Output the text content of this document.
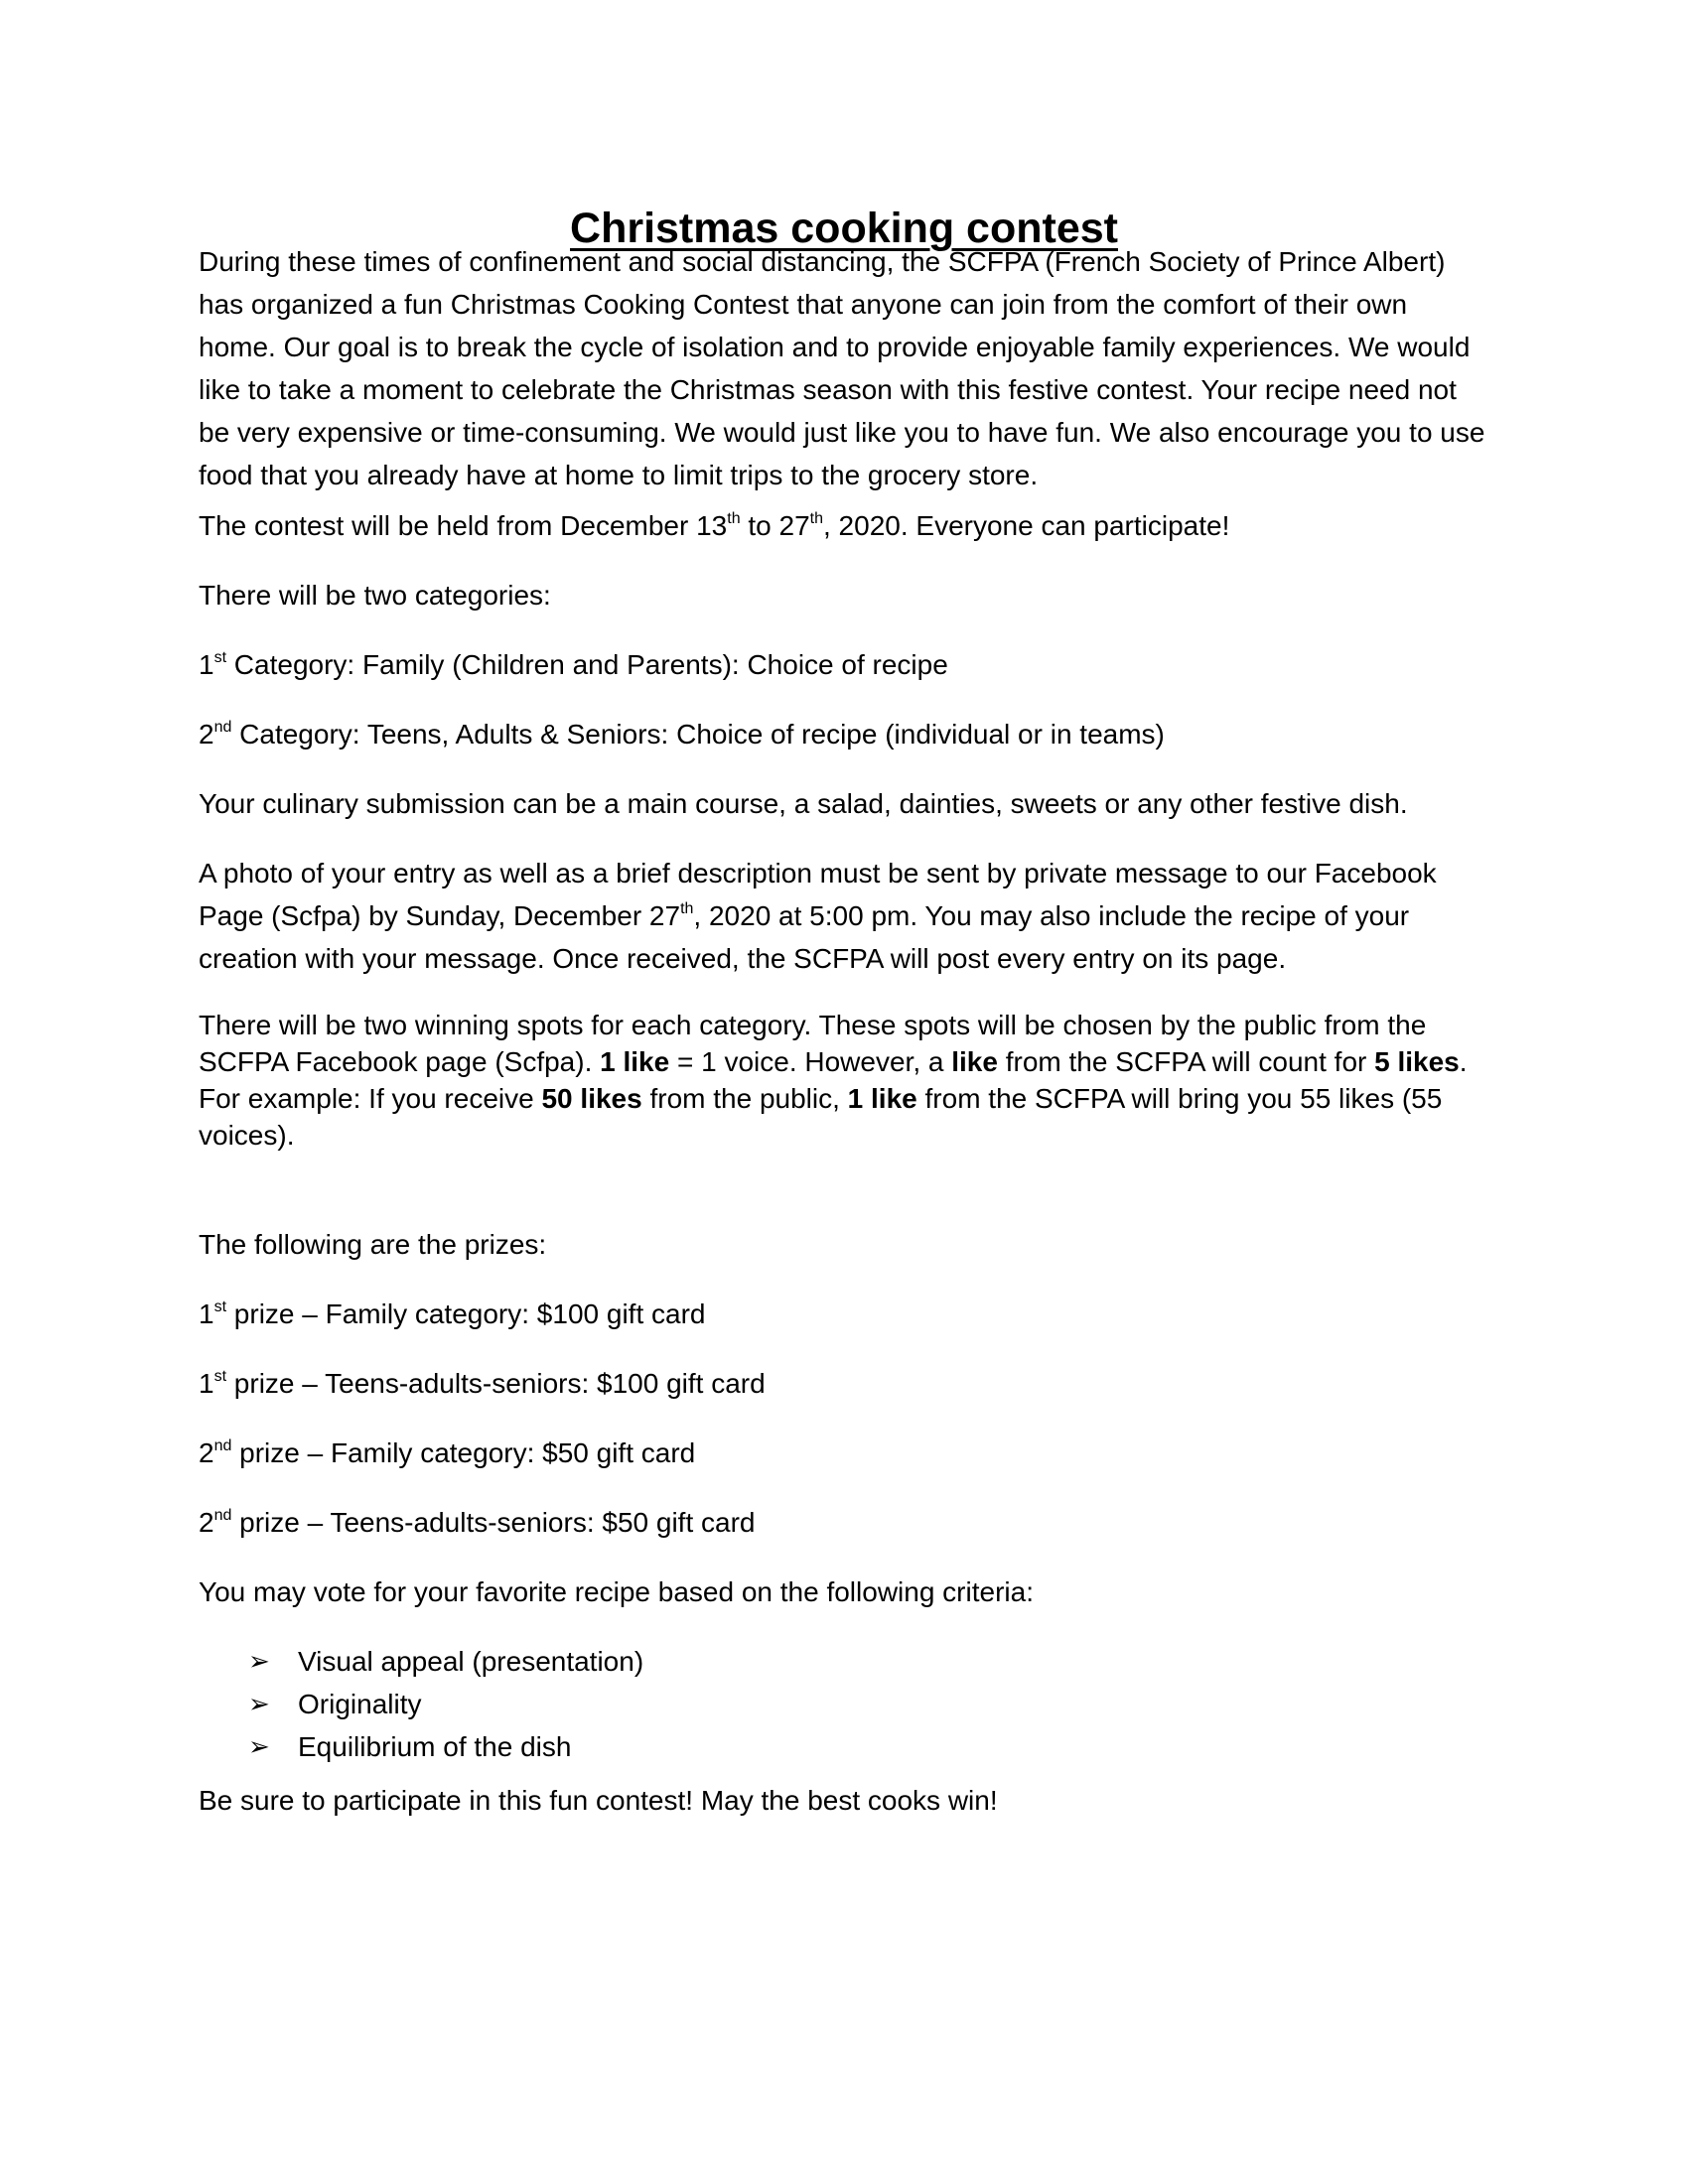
Christmas cooking contest

During these times of confinement and social distancing, the SCFPA (French Society of Prince Albert) has organized a fun Christmas Cooking Contest that anyone can join from the comfort of their own home. Our goal is to break the cycle of isolation and to provide enjoyable family experiences. We would like to take a moment to celebrate the Christmas season with this festive contest. Your recipe need not be very expensive or time-consuming. We would just like you to have fun. We also encourage you to use food that you already have at home to limit trips to the grocery store.

The contest will be held from December 13th to 27th, 2020. Everyone can participate!

There will be two categories:

1st Category: Family (Children and Parents): Choice of recipe

2nd Category: Teens, Adults & Seniors: Choice of recipe (individual or in teams)

Your culinary submission can be a main course, a salad, dainties, sweets or any other festive dish.

A photo of your entry as well as a brief description must be sent by private message to our Facebook Page (Scfpa) by Sunday, December 27th, 2020 at 5:00 pm. You may also include the recipe of your creation with your message. Once received, the SCFPA will post every entry on its page.

There will be two winning spots for each category. These spots will be chosen by the public from the SCFPA Facebook page (Scfpa). 1 like = 1 voice. However, a like from the SCFPA will count for 5 likes. For example: If you receive 50 likes from the public, 1 like from the SCFPA will bring you 55 likes (55 voices).

The following are the prizes:

1st prize – Family category: $100 gift card

1st prize – Teens-adults-seniors: $100 gift card

2nd prize – Family category: $50 gift card

2nd prize – Teens-adults-seniors: $50 gift card

You may vote for your favorite recipe based on the following criteria:

➢ Visual appeal (presentation)
➢ Originality
➢ Equilibrium of the dish

Be sure to participate in this fun contest! May the best cooks win!
